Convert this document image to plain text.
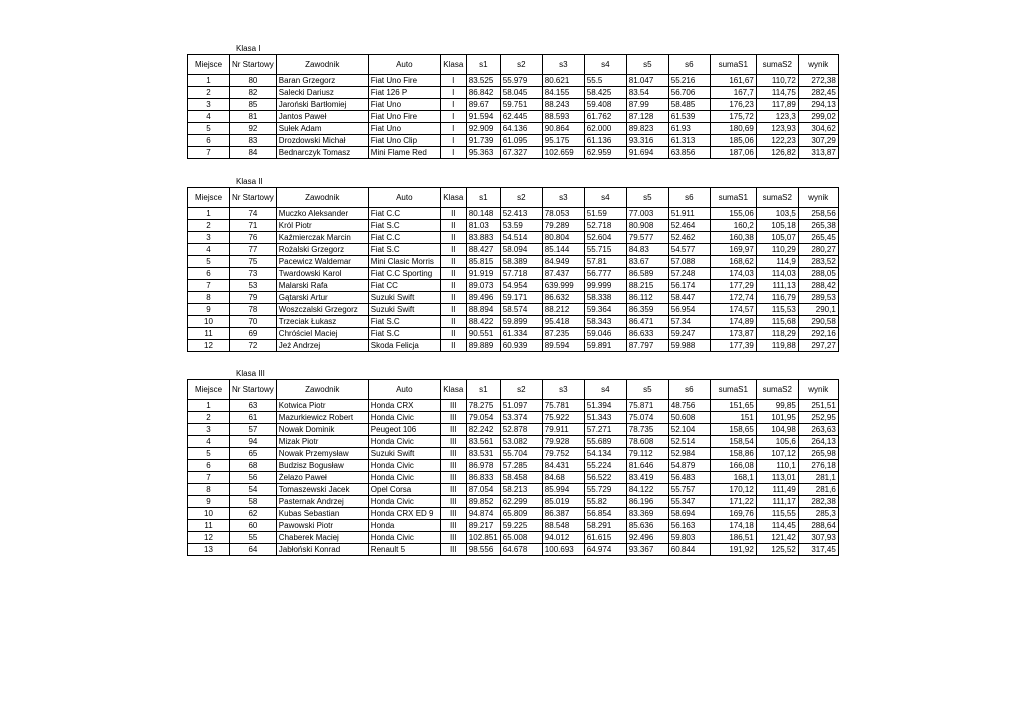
Klasa I
Miejsce	Nr Startowy	Zawodnik	Auto	Klasa	s1	s2	s3	s4	s5	s6	sumaS1	sumaS2	wynik
1	80	Baran Grzegorz	Fiat Uno Fire	I	83.525	55.979	80.621	55.5	81.047	55.216	161,67	110,72	272,38
2	82	Salecki Dariusz	Fiat 126 P	I	86.842	58.045	84.155	58.425	83.54	56.706	167,7	114,75	282,45
3	85	Jaroński Bartłomiej	Fiat Uno	I	89.67	59.751	88.243	59.408	87.99	58.485	176,23	117,89	294,13
4	81	Jantos Paweł	Fiat Uno Fire	I	91.594	62.445	88.593	61.762	87.128	61.539	175,72	123,3	299,02
5	92	Sułek Adam	Fiat Uno	I	92.909	64.136	90.864	62.000	89.823	61.93	180,69	123,93	304,62
6	83	Drozdowski Michał	Fiat Uno Clip	I	91.739	61.095	95.175	61.136	93.316	61.313	185,06	122,23	307,29
7	84	Bednarczyk Tomasz	Mini Flame Red	I	95.363	67.327	102.659	62.959	91.694	63.856	187,06	126,82	313,87
Klasa II
Miejsce	Nr Startowy	Zawodnik	Auto	Klasa	s1	s2	s3	s4	s5	s6	sumaS1	sumaS2	wynik
1	74	Muczko Aleksander	Fiat C.C	II	80.148	52.413	78.053	51.59	77.003	51.911	155,06	103,5	258,56
2	71	Król Piotr	Fiat S.C	II	81.03	53.59	79.289	52.718	80.908	52.464	160,2	105,18	265,38
3	76	Kaźmierczak Marcin	Fiat C.C	II	83.883	54.514	80.804	52.604	79.577	52.462	160,38	105,07	265,45
4	77	Rożalski Grzegorz	Fiat S.C	II	88.427	58.094	85.144	55.715	84.83	54.577	169,97	110,29	280,27
5	75	Pacewicz Waldemar	Mini Clasic Morris	II	85.815	58.389	84.949	57.81	83.67	57.088	168,62	114,9	283,52
6	73	Twardowski Karol	Fiat C.C Sporting	II	91.919	57.718	87.437	56.777	86.589	57.248	174,03	114,03	288,05
7	53	Malarski Rafa	Fiat CC	II	89.073	54.954	639.999	99.999	88.215	56.174	177,29	111,13	288,42
8	79	Gątarski Artur	Suzuki Swift	II	89.496	59.171	86.632	58.338	86.112	58.447	172,74	116,79	289,53
9	78	Woszczalski Grzegorz	Suzuki Swift	II	88.894	58.574	88.212	59.364	86.359	56.954	174,57	115,53	290,1
10	70	Trzeciak Łukasz	Fiat S.C	II	88.422	59.899	95.418	58.343	86.471	57.34	174,89	115,68	290,58
11	69	Chróściel Maciej	Fiat S.C	II	90.551	61.334	87.235	59.046	86.633	59.247	173,87	118,29	292,16
12	72	Jeż Andrzej	Skoda Felicja	II	89.889	60.939	89.594	59.891	87.797	59.988	177,39	119,88	297,27
Klasa III
Miejsce	Nr Startowy	Zawodnik	Auto	Klasa	s1	s2	s3	s4	s5	s6	sumaS1	sumaS2	wynik
1	63	Kotwica Piotr	Honda CRX	III	78.275	51.097	75.781	51.394	75.871	48.756	151,65	99,85	251,51
2	61	Mazurkiewicz Robert	Honda Civic	III	79.054	53.374	75.922	51.343	75.074	50.608	151	101,95	252,95
3	57	Nowak Dominik	Peugeot 106	III	82.242	52.878	79.911	57.271	78.735	52.104	158,65	104,98	263,63
4	94	Mizak Piotr	Honda Civic	III	83.561	53.082	79.928	55.689	78.608	52.514	158,54	105,6	264,13
5	65	Nowak Przemysław	Suzuki Swift	III	83.531	55.704	79.752	54.134	79.112	52.984	158,86	107,12	265,98
6	68	Budzisz Bogusław	Honda Civic	III	86.978	57.285	84.431	55.224	81.646	54.879	166,08	110,1	276,18
7	56	Żelazo Paweł	Honda Civic	III	86.833	58.458	84.68	56.522	83.419	56.483	168,1	113,01	281,1
8	54	Tomaszewski Jacek	Opel Corsa	III	87.054	58.213	85.994	55.729	84.122	55.757	170,12	111,49	281,6
9	58	Pasternak Andrzej	Honda Civic	III	89.852	62.299	85.019	55.82	86.196	55.347	171,22	111,17	282,38
10	62	Kubas Sebastian	Honda CRX ED 9	III	94.874	65.809	86.387	56.854	83.369	58.694	169,76	115,55	285,3
11	60	Pawowski Piotr	Honda	III	89.217	59.225	88.548	58.291	85.636	56.163	174,18	114,45	288,64
12	55	Chaberek Maciej	Honda Civic	III	102.851	65.008	94.012	61.615	92.496	59.803	186,51	121,42	307,93
13	64	Jabłoński Konrad	Renault 5	III	98.556	64.678	100.693	64.974	93.367	60.844	191,92	125,52	317,45
